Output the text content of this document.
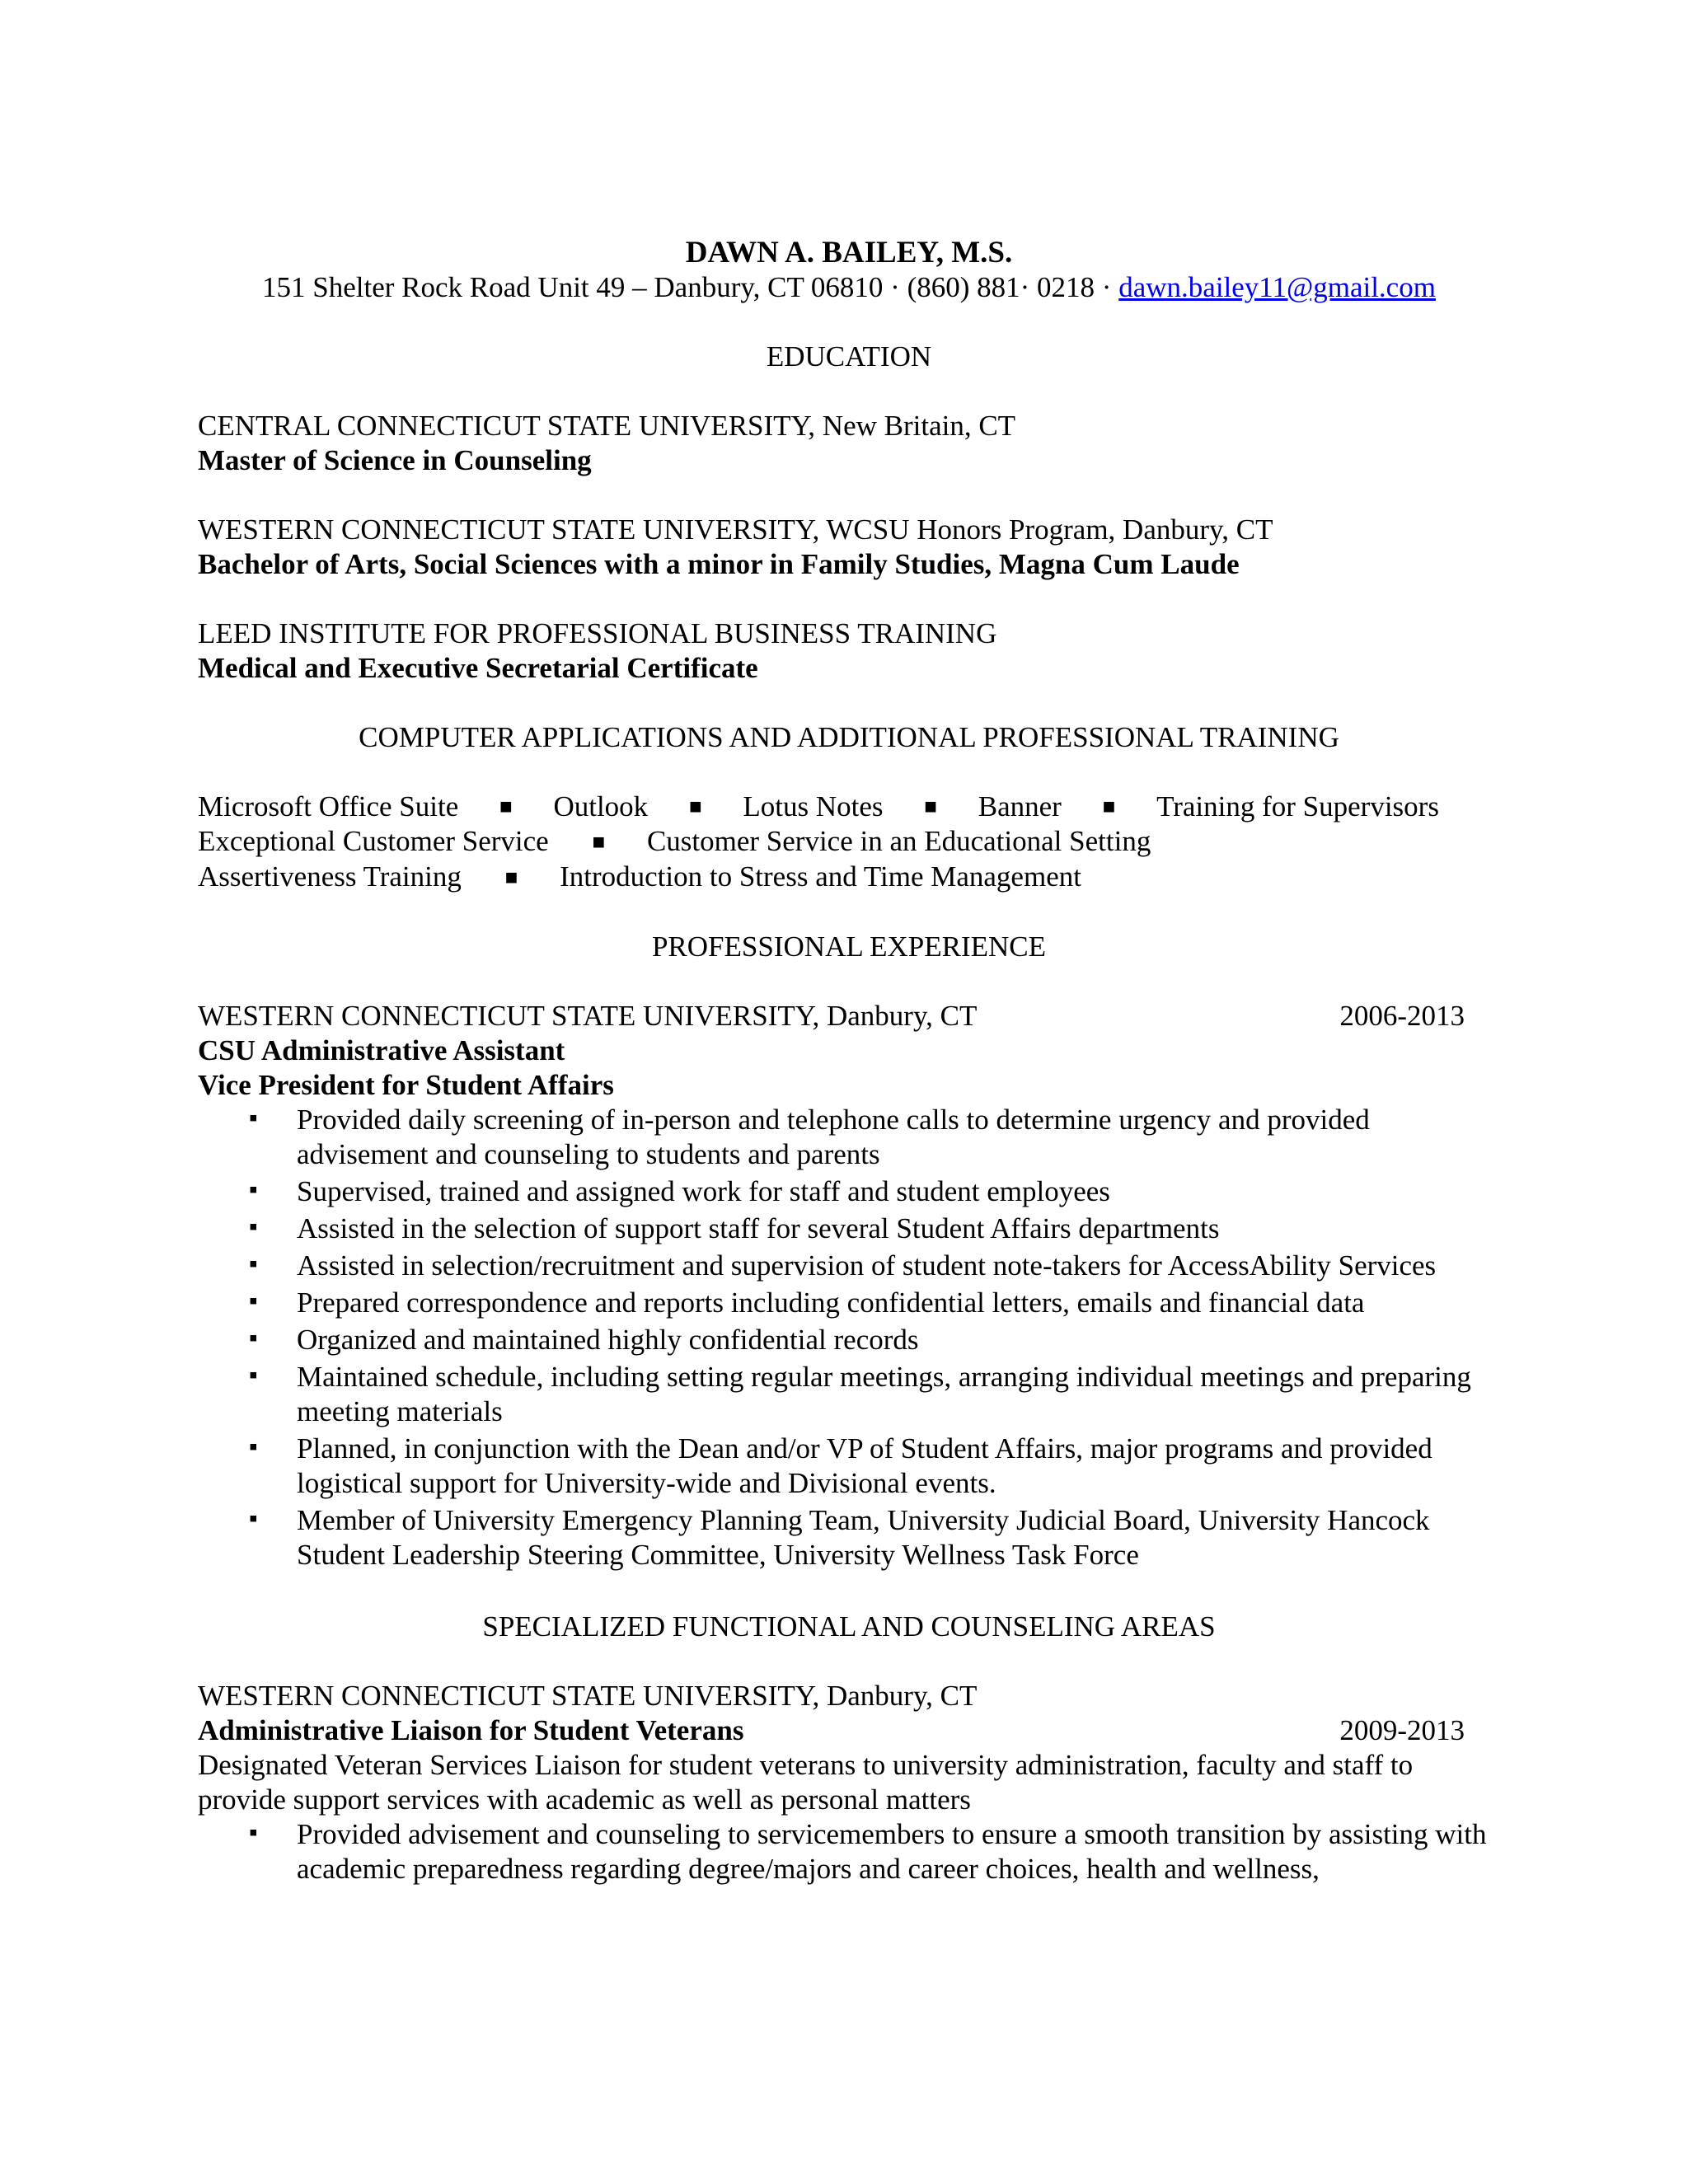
DAWN A. BAILEY, M.S.
151 Shelter Rock Road Unit 49 – Danbury, CT 06810 · (860) 881· 0218 · dawn.bailey11@gmail.com
EDUCATION
CENTRAL CONNECTICUT STATE UNIVERSITY, New Britain, CT
Master of Science in Counseling
WESTERN CONNECTICUT STATE UNIVERSITY, WCSU Honors Program, Danbury, CT
Bachelor of Arts, Social Sciences with a minor in Family Studies, Magna Cum Laude
LEED INSTITUTE FOR PROFESSIONAL BUSINESS TRAINING
Medical and Executive Secretarial Certificate
COMPUTER APPLICATIONS AND ADDITIONAL PROFESSIONAL TRAINING
Microsoft Office Suite ■ Outlook ■ Lotus Notes ■ Banner ■ Training for Supervisors
Exceptional Customer Service ■ Customer Service in an Educational Setting
Assertiveness Training ■ Introduction to Stress and Time Management
PROFESSIONAL EXPERIENCE
WESTERN CONNECTICUT STATE UNIVERSITY, Danbury, CT	2006-2013
CSU Administrative Assistant
Vice President for Student Affairs
▪ Provided daily screening of in-person and telephone calls to determine urgency and provided advisement and counseling to students and parents
▪ Supervised, trained and assigned work for staff and student employees
▪ Assisted in the selection of support staff for several Student Affairs departments
▪ Assisted in selection/recruitment and supervision of student note-takers for AccessAbility Services
▪ Prepared correspondence and reports including confidential letters, emails and financial data
▪ Organized and maintained highly confidential records
▪ Maintained schedule, including setting regular meetings, arranging individual meetings and preparing meeting materials
▪ Planned, in conjunction with the Dean and/or VP of Student Affairs, major programs and provided logistical support for University-wide and Divisional events.
▪ Member of University Emergency Planning Team, University Judicial Board, University Hancock Student Leadership Steering Committee, University Wellness Task Force
SPECIALIZED FUNCTIONAL AND COUNSELING AREAS
WESTERN CONNECTICUT STATE UNIVERSITY, Danbury, CT
Administrative Liaison for Student Veterans	2009-2013
Designated Veteran Services Liaison for student veterans to university administration, faculty and staff to provide support services with academic as well as personal matters
▪ Provided advisement and counseling to servicemembers to ensure a smooth transition by assisting with academic preparedness regarding degree/majors and career choices, health and wellness,
